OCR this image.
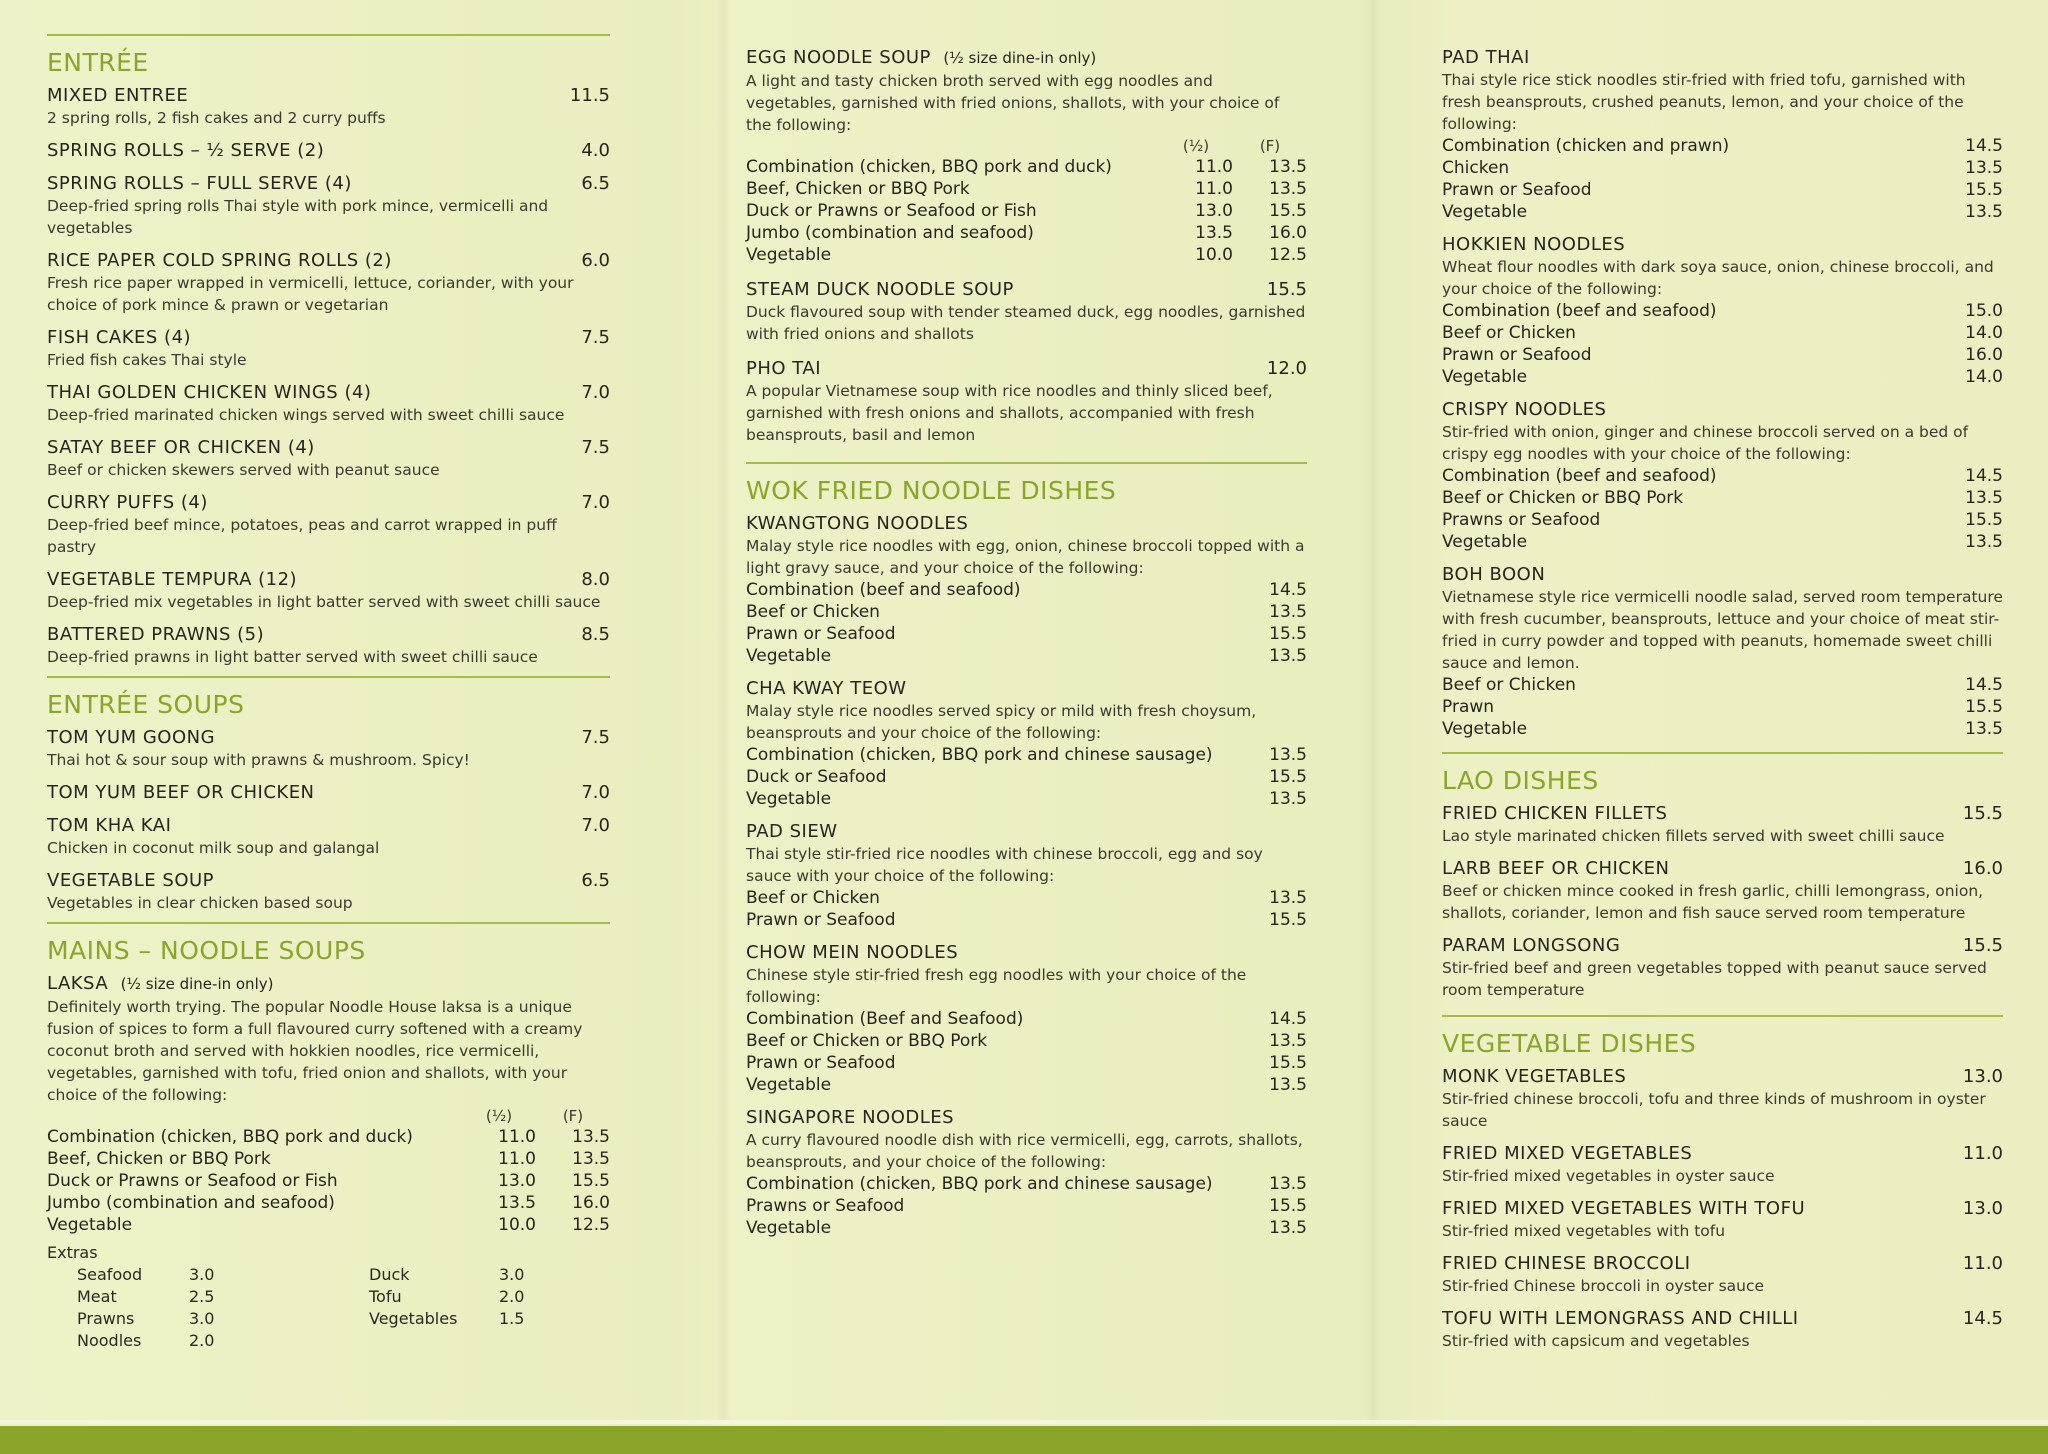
ENTRÉE
MIXED ENTREE	11.5
2 spring rolls, 2 fish cakes and 2 curry puffs
SPRING ROLLS – ½ SERVE (2)	4.0
SPRING ROLLS – FULL SERVE (4)	6.5
Deep-fried spring rolls Thai style with pork mince, vermicelli and vegetables
RICE PAPER COLD SPRING ROLLS (2)	6.0
Fresh rice paper wrapped in vermicelli, lettuce, coriander, with your choice of pork mince & prawn or vegetarian
FISH CAKES (4)	7.5
Fried fish cakes Thai style
THAI GOLDEN CHICKEN WINGS (4)	7.0
Deep-fried marinated chicken wings served with sweet chilli sauce
SATAY BEEF OR CHICKEN (4)	7.5
Beef or chicken skewers served with peanut sauce
CURRY PUFFS (4)	7.0
Deep-fried beef mince, potatoes, peas and carrot wrapped in puff pastry
VEGETABLE TEMPURA (12)	8.0
Deep-fried mix vegetables in light batter served with sweet chilli sauce
BATTERED PRAWNS (5)	8.5
Deep-fried prawns in light batter served with sweet chilli sauce
ENTRÉE SOUPS
TOM YUM GOONG	7.5
Thai hot & sour soup with prawns & mushroom. Spicy!
TOM YUM BEEF OR CHICKEN	7.0
TOM KHA KAI	7.0
Chicken in coconut milk soup and galangal
VEGETABLE SOUP	6.5
Vegetables in clear chicken based soup
MAINS – NOODLE SOUPS
LAKSA (½ size dine-in only)
Definitely worth trying. The popular Noodle House laksa is a unique fusion of spices to form a full flavoured curry softened with a creamy coconut broth and served with hokkien noodles, rice vermicelli, vegetables, garnished with tofu, fried onion and shallots, with your choice of the following:
(½)	(F)
Combination (chicken, BBQ pork and duck)	11.0	13.5
Beef, Chicken or BBQ Pork	11.0	13.5
Duck or Prawns or Seafood or Fish	13.0	15.5
Jumbo (combination and seafood)	13.5	16.0
Vegetable	10.0	12.5
Extras
Seafood	3.0	Duck	3.0
Meat	2.5	Tofu	2.0
Prawns	3.0	Vegetables	1.5
Noodles	2.0
EGG NOODLE SOUP (½ size dine-in only)
A light and tasty chicken broth served with egg noodles and vegetables, garnished with fried onions, shallots, with your choice of the following:
(½)	(F)
Combination (chicken, BBQ pork and duck)	11.0	13.5
Beef, Chicken or BBQ Pork	11.0	13.5
Duck or Prawns or Seafood or Fish	13.0	15.5
Jumbo (combination and seafood)	13.5	16.0
Vegetable	10.0	12.5
STEAM DUCK NOODLE SOUP	15.5
Duck flavoured soup with tender steamed duck, egg noodles, garnished with fried onions and shallots
PHO TAI	12.0
A popular Vietnamese soup with rice noodles and thinly sliced beef, garnished with fresh onions and shallots, accompanied with fresh beansprouts, basil and lemon
WOK FRIED NOODLE DISHES
KWANGTONG NOODLES
Malay style rice noodles with egg, onion, chinese broccoli topped with a light gravy sauce, and your choice of the following:
Combination (beef and seafood)	14.5
Beef or Chicken	13.5
Prawn or Seafood	15.5
Vegetable	13.5
CHA KWAY TEOW
Malay style rice noodles served spicy or mild with fresh choysum, beansprouts and your choice of the following:
Combination (chicken, BBQ pork and chinese sausage)	13.5
Duck or Seafood	15.5
Vegetable	13.5
PAD SIEW
Thai style stir-fried rice noodles with chinese broccoli, egg and soy sauce with your choice of the following:
Beef or Chicken	13.5
Prawn or Seafood	15.5
CHOW MEIN NOODLES
Chinese style stir-fried fresh egg noodles with your choice of the following:
Combination (Beef and Seafood)	14.5
Beef or Chicken or BBQ Pork	13.5
Prawn or Seafood	15.5
Vegetable	13.5
SINGAPORE NOODLES
A curry flavoured noodle dish with rice vermicelli, egg, carrots, shallots, beansprouts, and your choice of the following:
Combination (chicken, BBQ pork and chinese sausage)	13.5
Prawns or Seafood	15.5
Vegetable	13.5
PAD THAI
Thai style rice stick noodles stir-fried with fried tofu, garnished with fresh beansprouts, crushed peanuts, lemon, and your choice of the following:
Combination (chicken and prawn)	14.5
Chicken	13.5
Prawn or Seafood	15.5
Vegetable	13.5
HOKKIEN NOODLES
Wheat flour noodles with dark soya sauce, onion, chinese broccoli, and your choice of the following:
Combination (beef and seafood)	15.0
Beef or Chicken	14.0
Prawn or Seafood	16.0
Vegetable	14.0
CRISPY NOODLES
Stir-fried with onion, ginger and chinese broccoli served on a bed of crispy egg noodles with your choice of the following:
Combination (beef and seafood)	14.5
Beef or Chicken or BBQ Pork	13.5
Prawns or Seafood	15.5
Vegetable	13.5
BOH BOON
Vietnamese style rice vermicelli noodle salad, served room temperature with fresh cucumber, beansprouts, lettuce and your choice of meat stir-fried in curry powder and topped with peanuts, homemade sweet chilli sauce and lemon.
Beef or Chicken	14.5
Prawn	15.5
Vegetable	13.5
LAO DISHES
FRIED CHICKEN FILLETS	15.5
Lao style marinated chicken fillets served with sweet chilli sauce
LARB BEEF OR CHICKEN	16.0
Beef or chicken mince cooked in fresh garlic, chilli lemongrass, onion, shallots, coriander, lemon and fish sauce served room temperature
PARAM LONGSONG	15.5
Stir-fried beef and green vegetables topped with peanut sauce served room temperature
VEGETABLE DISHES
MONK VEGETABLES	13.0
Stir-fried chinese broccoli, tofu and three kinds of mushroom in oyster sauce
FRIED MIXED VEGETABLES	11.0
Stir-fried mixed vegetables in oyster sauce
FRIED MIXED VEGETABLES WITH TOFU	13.0
Stir-fried mixed vegetables with tofu
FRIED CHINESE BROCCOLI	11.0
Stir-fried Chinese broccoli in oyster sauce
TOFU WITH LEMONGRASS AND CHILLI	14.5
Stir-fried with capsicum and vegetables
